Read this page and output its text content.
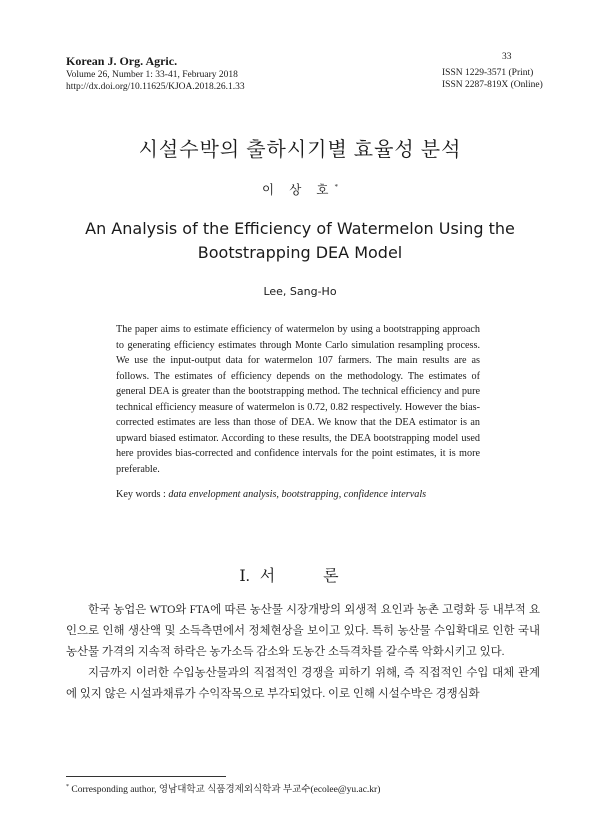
Korean J. Org. Agric.
Volume 26, Number 1: 33-41, February 2018
http://dx.doi.org/10.11625/KJOA.2018.26.1.33
33
ISSN 1229-3571 (Print)
ISSN 2287-819X (Online)
시설수박의 출하시기별 효율성 분석
이 상 호*
An Analysis of the Efficiency of Watermelon Using the
Bootstrapping DEA Model
Lee, Sang-Ho
The paper aims to estimate efficiency of watermelon by using a bootstrapping approach to generating efficiency estimates through Monte Carlo simulation resampling process. We use the input-output data for watermelon 107 farmers. The main results are as follows. The estimates of efficiency depends on the methodology. The estimates of general DEA is greater than the bootstrapping method. The technical efficiency and pure technical efficiency measure of watermelon is 0.72, 0.82 respectively. However the bias-corrected estimates are less than those of DEA. We know that the DEA estimator is an upward biased estimator. According to these results, the DEA bootstrapping model used here provides bias-corrected and confidence intervals for the point estimates, it is more preferable.
Key words : data envelopment analysis, bootstrapping, confidence intervals
Ⅰ. 서 론

한국 농업은 WTO와 FTA에 따른 농산물 시장개방의 외생적 요인과 농촌 고령화 등 내부적 요인으로 인해 생산액 및 소득측면에서 정체현상을 보이고 있다. 특히 농산물 수입확대로 인한 국내 농산물 가격의 지속적 하락은 농가소득 감소와 도농간 소득격차를 갈수록 악화시키고 있다.

지금까지 이러한 수입농산물과의 직접적인 경쟁을 피하기 위해, 즉 직접적인 수입 대체 관계에 있지 않은 시설과채류가 수익작목으로 부각되었다. 이로 인해 시설수박은 경쟁심화

* Corresponding author, 영남대학교 식품경제외식학과 부교수(ecolee@yu.ac.kr)
